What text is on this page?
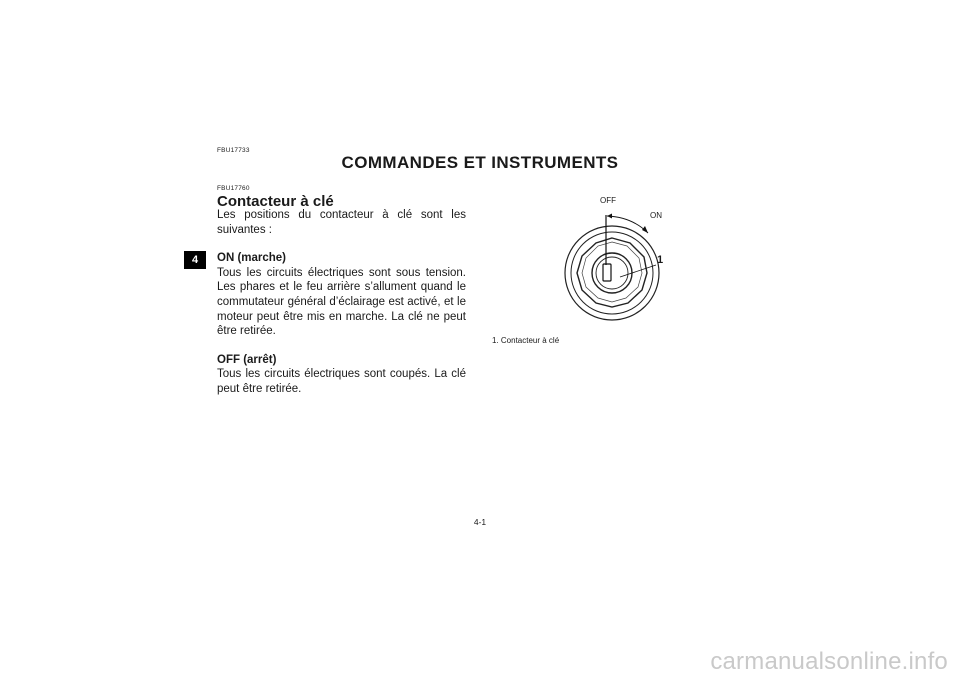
FBU17733
COMMANDES ET INSTRUMENTS
4
FBU17760
Contacteur à clé

Les positions du contacteur à clé sont les suivantes :

ON (marche)

Tous les circuits électriques sont sous tension. Les phares et le feu arrière s’allument quand le commutateur général d’éclairage est activé, et le moteur peut être mis en marche. La clé ne peut être retirée.

OFF (arrêt)

Tous les circuits électriques sont coupés. La clé peut être retirée.

OFF
ON
1
1. Contacteur à clé
4-1
carmanualsonline.info
